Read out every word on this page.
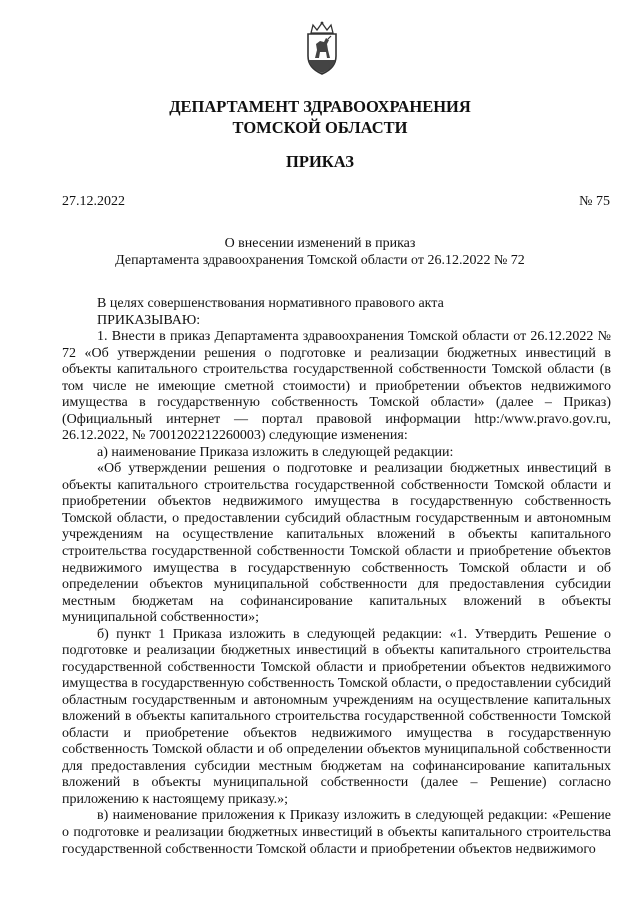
ДЕПАРТАМЕНТ ЗДРАВООХРАНЕНИЯ
ТОМСКОЙ ОБЛАСТИ
ПРИКАЗ
27.12.2022	№ 75
О внесении изменений в приказ
Департамента здравоохранения Томской области от 26.12.2022 № 72

В целях совершенствования нормативного правового акта

ПРИКАЗЫВАЮ:

1. Внести в приказ Департамента здравоохранения Томской области от 26.12.2022 № 72 «Об утверждении решения о подготовке и реализации бюджетных инвестиций в объекты капитального строительства государственной собственности Томской области (в том числе не имеющие сметной стоимости) и приобретении объектов недвижимого имущества в государственную собственность Томской области» (далее – Приказ) (Официальный интернет — портал правовой информации http:/www.pravo.gov.ru, 26.12.2022, № 7001202212260003) следующие изменения:

а) наименование Приказа изложить в следующей редакции:

«Об утверждении решения о подготовке и реализации бюджетных инвестиций в объекты капитального строительства государственной собственности Томской области и приобретении объектов недвижимого имущества в государственную собственность Томской области, о предоставлении субсидий областным государственным и автономным учреждениям на осуществление капитальных вложений в объекты капитального строительства государственной собственности Томской области и приобретение объектов недвижимого имущества в государственную собственность Томской области и об определении объектов муниципальной собственности для предоставления субсидии местным бюджетам на софинансирование капитальных вложений в объекты муниципальной собственности»;

б) пункт 1 Приказа изложить в следующей редакции: «1. Утвердить Решение о подготовке и реализации бюджетных инвестиций в объекты капитального строительства государственной собственности Томской области и приобретении объектов недвижимого имущества в государственную собственность Томской области, о предоставлении субсидий областным государственным и автономным учреждениям на осуществление капитальных вложений в объекты капитального строительства государственной собственности Томской области и приобретение объектов недвижимого имущества в государственную собственность Томской области и об определении объектов муниципальной собственности для предоставления субсидии местным бюджетам на софинансирование капитальных вложений в объекты муниципальной собственности (далее – Решение) согласно приложению к настоящему приказу.»;

в) наименование приложения к Приказу изложить в следующей редакции: «Решение о подготовке и реализации бюджетных инвестиций в объекты капитального строительства государственной собственности Томской области и приобретении объектов недвижимого
